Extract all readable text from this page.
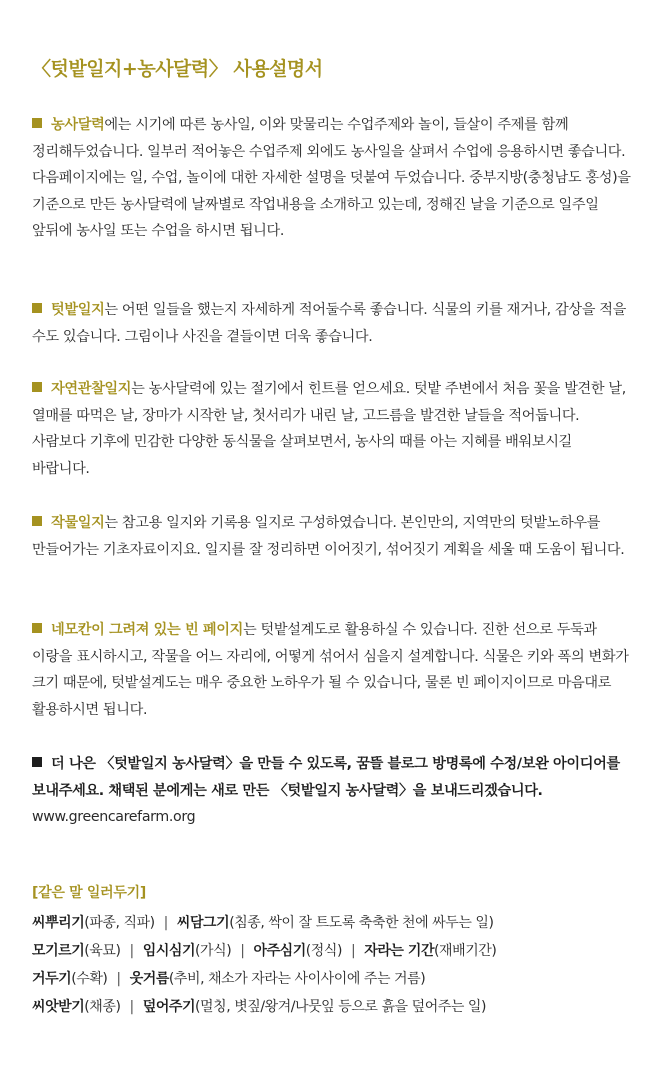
〈텃밭일지+농사달력〉 사용설명서

농사달력에는 시기에 따른 농사일, 이와 맞물리는 수업주제와 놀이, 들살이 주제를 함께 정리해두었습니다. 일부러 적어놓은 수업주제 외에도 농사일을 살펴서 수업에 응용하시면 좋습니다. 다음페이지에는 일, 수업, 놀이에 대한 자세한 설명을 덧붙여 두었습니다. 중부지방(충청남도 홍성)을 기준으로 만든 농사달력에 날짜별로 작업내용을 소개하고 있는데, 정해진 날을 기준으로 일주일 앞뒤에 농사일 또는 수업을 하시면 됩니다.

텃밭일지는 어떤 일들을 했는지 자세하게 적어둘수록 좋습니다. 식물의 키를 재거나, 감상을 적을 수도 있습니다. 그림이나 사진을 곁들이면 더욱 좋습니다.

자연관찰일지는 농사달력에 있는 절기에서 힌트를 얻으세요. 텃밭 주변에서 처음 꽃을 발견한 날, 열매를 따먹은 날, 장마가 시작한 날, 첫서리가 내린 날, 고드름을 발견한 날들을 적어둡니다. 사람보다 기후에 민감한 다양한 동식물을 살펴보면서, 농사의 때를 아는 지혜를 배워보시길 바랍니다.

작물일지는 참고용 일지와 기록용 일지로 구성하였습니다. 본인만의, 지역만의 텃밭노하우를 만들어가는 기초자료이지요. 일지를 잘 정리하면 이어짓기, 섞어짓기 계획을 세울 때 도움이 됩니다.

네모칸이 그려져 있는 빈 페이지는 텃밭설계도로 활용하실 수 있습니다. 진한 선으로 두둑과 이랑을 표시하시고, 작물을 어느 자리에, 어떻게 섞어서 심을지 설계합니다. 식물은 키와 폭의 변화가 크기 때문에, 텃밭설계도는 매우 중요한 노하우가 될 수 있습니다, 물론 빈 페이지이므로 마음대로 활용하시면 됩니다.

더 나은 〈텃밭일지 농사달력〉을 만들 수 있도록, 꿈뜰 블로그 방명록에 수정/보완 아이디어를 보내주세요. 채택된 분에게는 새로 만든 〈텃밭일지 농사달력〉을 보내드리겠습니다. www.greencarefarm.org

[같은 말 일러두기]
씨뿌리기(파종, 직파) | 씨담그기(침종, 싹이 잘 트도록 축축한 천에 싸두는 일)
모기르기(육묘) | 임시심기(가식) | 아주심기(정식) | 자라는 기간(재배기간)
거두기(수확) | 웃거름(추비, 채소가 자라는 사이사이에 주는 거름)
씨앗받기(채종) | 덮어주기(멀칭, 볏짚/왕겨/나뭇잎 등으로 흙을 덮어주는 일)
